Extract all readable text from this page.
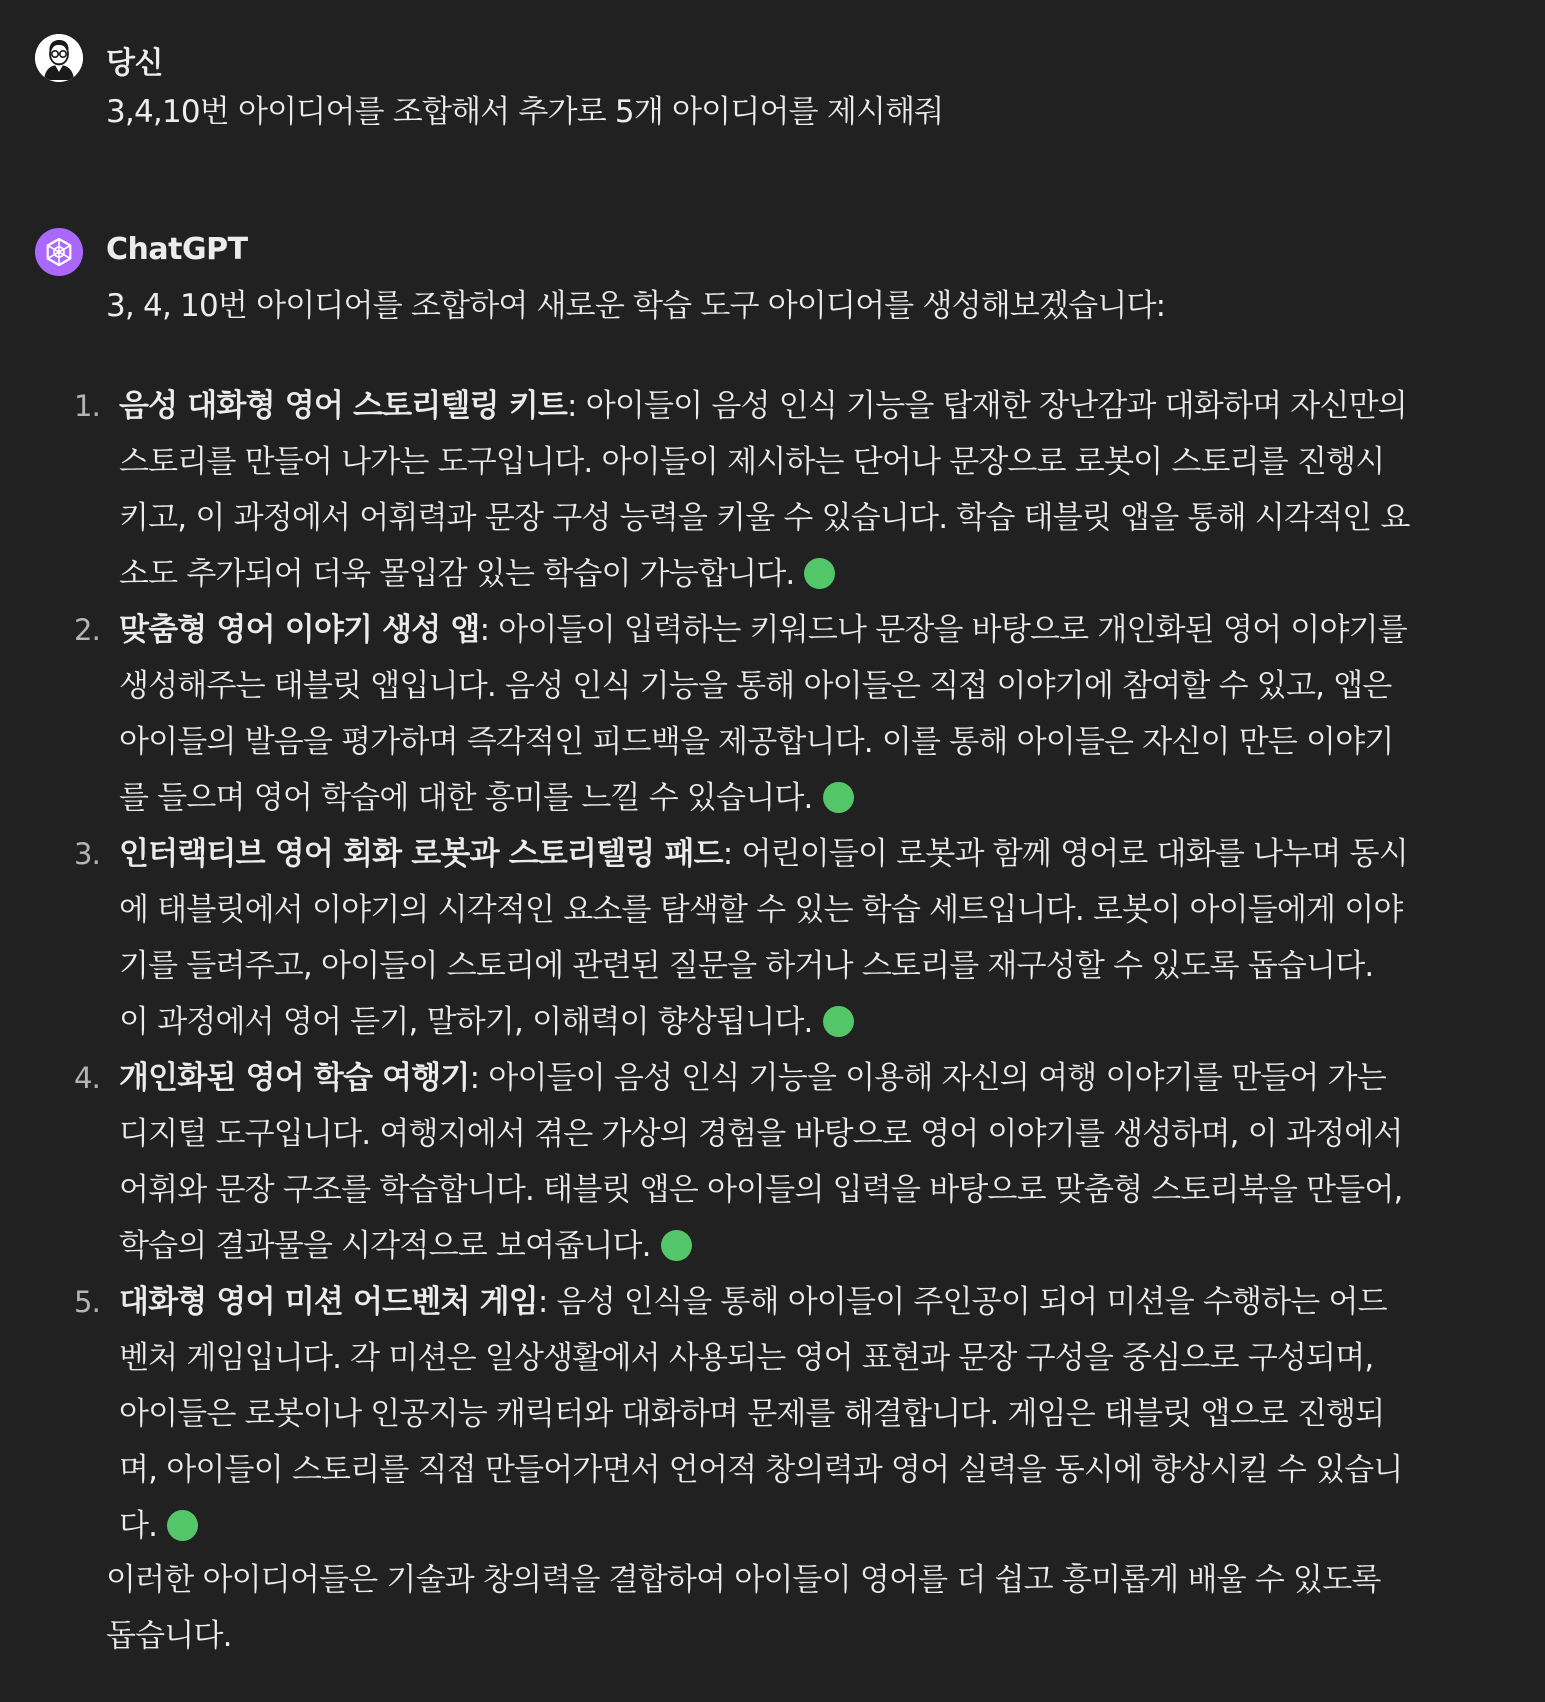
당신
3,4,10번 아이디어를 조합해서 추가로 5개 아이디어를 제시해줘
ChatGPT
3, 4, 10번 아이디어를 조합하여 새로운 학습 도구 아이디어를 생성해보겠습니다:
1. 음성 대화형 영어 스토리텔링 키트: 아이들이 음성 인식 기능을 탑재한 장난감과 대화하며 자신만의
스토리를 만들어 나가는 도구입니다. 아이들이 제시하는 단어나 문장으로 로봇이 스토리를 진행시
키고, 이 과정에서 어휘력과 문장 구성 능력을 키울 수 있습니다. 학습 태블릿 앱을 통해 시각적인 요
소도 추가되어 더욱 몰입감 있는 학습이 가능합니다.
2. 맞춤형 영어 이야기 생성 앱: 아이들이 입력하는 키워드나 문장을 바탕으로 개인화된 영어 이야기를
생성해주는 태블릿 앱입니다. 음성 인식 기능을 통해 아이들은 직접 이야기에 참여할 수 있고, 앱은
아이들의 발음을 평가하며 즉각적인 피드백을 제공합니다. 이를 통해 아이들은 자신이 만든 이야기
를 들으며 영어 학습에 대한 흥미를 느낄 수 있습니다.
3. 인터랙티브 영어 회화 로봇과 스토리텔링 패드: 어린이들이 로봇과 함께 영어로 대화를 나누며 동시
에 태블릿에서 이야기의 시각적인 요소를 탐색할 수 있는 학습 세트입니다. 로봇이 아이들에게 이야
기를 들려주고, 아이들이 스토리에 관련된 질문을 하거나 스토리를 재구성할 수 있도록 돕습니다.
이 과정에서 영어 듣기, 말하기, 이해력이 향상됩니다.
4. 개인화된 영어 학습 여행기: 아이들이 음성 인식 기능을 이용해 자신의 여행 이야기를 만들어 가는
디지털 도구입니다. 여행지에서 겪은 가상의 경험을 바탕으로 영어 이야기를 생성하며, 이 과정에서
어휘와 문장 구조를 학습합니다. 태블릿 앱은 아이들의 입력을 바탕으로 맞춤형 스토리북을 만들어,
학습의 결과물을 시각적으로 보여줍니다.
5. 대화형 영어 미션 어드벤처 게임: 음성 인식을 통해 아이들이 주인공이 되어 미션을 수행하는 어드
벤처 게임입니다. 각 미션은 일상생활에서 사용되는 영어 표현과 문장 구성을 중심으로 구성되며,
아이들은 로봇이나 인공지능 캐릭터와 대화하며 문제를 해결합니다. 게임은 태블릿 앱으로 진행되
며, 아이들이 스토리를 직접 만들어가면서 언어적 창의력과 영어 실력을 동시에 향상시킬 수 있습니
다.
이러한 아이디어들은 기술과 창의력을 결합하여 아이들이 영어를 더 쉽고 흥미롭게 배울 수 있도록
돕습니다.
